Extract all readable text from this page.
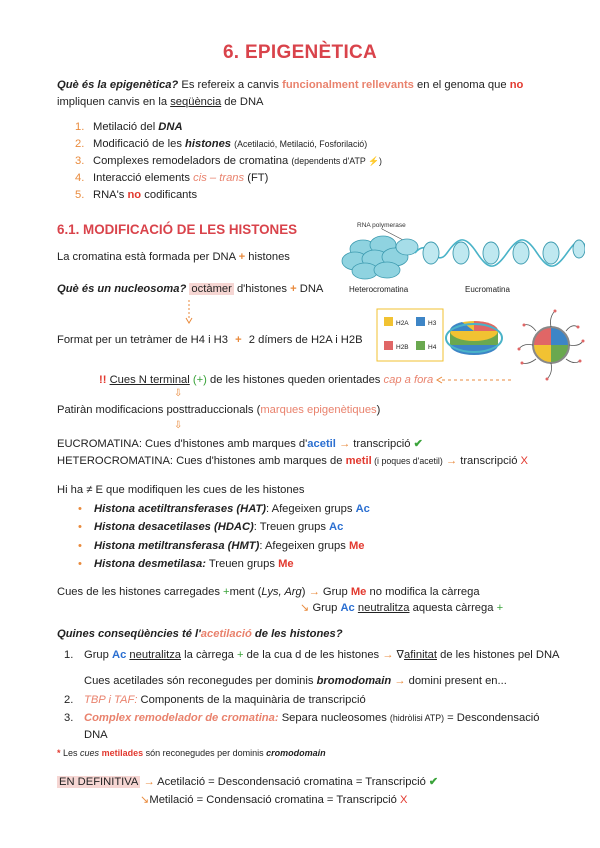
6. EPIGENÈTICA
Què és la epigenètica? Es refereix a canvis funcionalment rellevants en el genoma que no
impliquen canvis en la seqüència de DNA
1. Metilació del DNA
2. Modificació de les histones (Acetilació, Metilació, Fosforilació)
3. Complexes remodeladors de cromatina (dependents d'ATP ⚡)
4. Interacció elements cis – trans (FT)
5. RNA's no codificants
6.1. MODIFICACIÓ DE LES HISTONES	RNA polymerase
Heterocromatina	Eucromatina
H2A	H3
H2B	H4
La cromatina està formada per DNA + histones
Què és un nucleosoma? octàmer d'histones + DNA
Format per un tetràmer de H4 i H3 + 2 dímers de H2A i H2B
!! Cues N terminal (+) de les histones queden orientades cap a fora
⇩
Patiràn modificacions posttraduccionals (marques epigenètiques)
⇩
EUCROMATINA: Cues d'histones amb marques d'acetil → transcripció ✔
HETEROCROMATINA: Cues d'histones amb marques de metil (i poques d'acetil) → transcripció X
Hi ha ≠ E que modifiquen les cues de les histones
• Histona acetiltransferases (HAT): Afegeixen grups Ac
• Histona desacetilases (HDAC): Treuen grups Ac
• Histona metiltransferasa (HMT): Afegeixen grups Me
• Histona desmetilasa: Treuen grups Me
Cues de les histones carregades +ment (Lys, Arg) → Grup Me no modifica la càrrega
↘ Grup Ac neutralitza aquesta càrrega +
Quines conseqüències té l'acetilació de les histones?
1. Grup Ac neutralitza la càrrega + de la cua d de les histones → ∇afinitat de les histones pel DNA
Cues acetilades són reconegudes per dominis bromodomain → domini present en...
2. TBP i TAF: Components de la maquinària de transcripció
3. Complex remodelador de cromatina: Separa nucleosomes (hidròlisi ATP) = Descondensació
DNA
* Les cues metilades són reconegudes per dominis cromodomain
EN DEFINITIVA → Acetilació = Descondensació cromatina = Transcripció ✔
↘Metilació = Condensació cromatina = Transcripció X
